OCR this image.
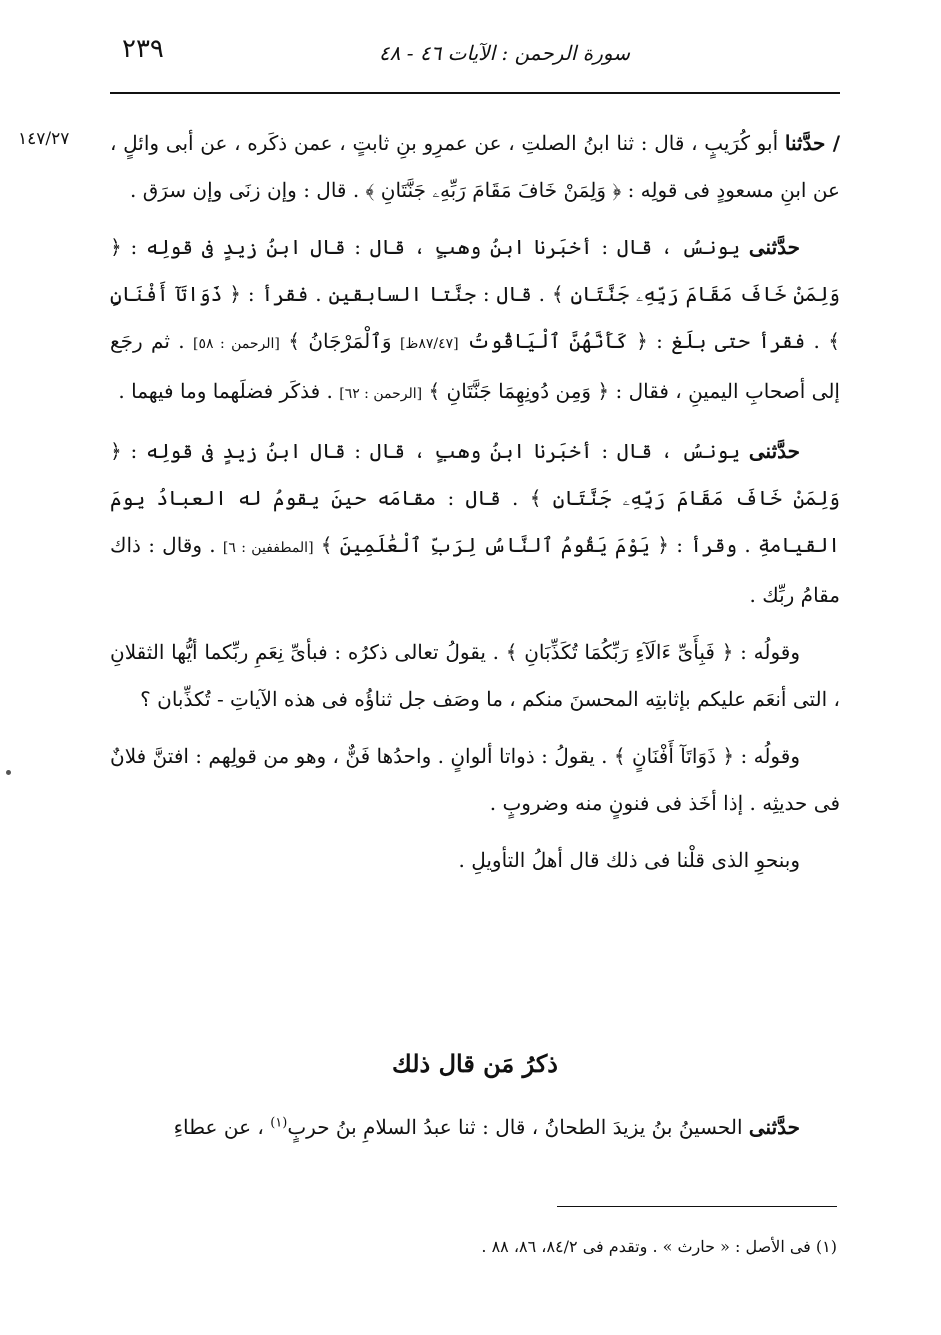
٢٣٩	سورة الرحمن : الآيات ٤٦ - ٤٨
١٤٧/٢٧	/ حدَّثنا أبو كُرَيبٍ ، قال : ثنا ابنُ الصلتِ ، عن عمرِو بنِ ثابتٍ ، عمن ذكَره ، عن أبى وائلٍ ، عن ابنِ مسعودٍ فى قولِه : ﴿ وَلِمَنْ خَافَ مَقَامَ رَبِّهِۦ جَنَّتَانِ ﴾ . قال : وإن زنَى وإن سرَق .

حدَّثنى يونسُ ، قال : أخبَرنا ابنُ وهبٍ ، قال : قال ابنُ زيدٍ فى قولِه : ﴿ وَلِمَنْ خَافَ مَقَامَ رَبِّهِۦ جَنَّتَانِ ﴾ . قال : جنَّتا السابقين . فقرأ : ﴿ ذَوَاتَآ أَفْنَانٍ ﴾ . فقرأ حتى بلَغ : ﴿ كَأَنَّهُنَّ ٱلْيَاقُوتُ [٨٧/٤٧ظ] وَٱلْمَرْجَانُ ﴾ [الرحمن : ٥٨] . ثم رجَع إلى أصحابِ اليمينِ ، فقال : ﴿ وَمِن دُونِهِمَا جَنَّتَانِ ﴾ [الرحمن : ٦٢] . فذكَر فضلَهما وما فيهما .

حدَّثنى يونسُ ، قال : أخبَرنا ابنُ وهبٍ ، قال : قال ابنُ زيدٍ فى قولِه : ﴿ وَلِمَنْ خَافَ مَقَامَ رَبِّهِۦ جَنَّتَانِ ﴾ . قال : مقامَه حينَ يقومُ له العبادُ يومَ القيامةِ . وقرأ : ﴿ يَوْمَ يَقُومُ ٱلنَّاسُ لِرَبِّ ٱلْعَٰلَمِينَ ﴾ [المطففين : ٦] . وقال : ذاك مقامُ ربِّك .

وقولُه : ﴿ فَبِأَىِّ ءَالَآءِ رَبِّكُمَا تُكَذِّبَانِ ﴾ . يقولُ تعالى ذكرُه : فبأىِّ نِعَمِ ربِّكما أيُّها الثقلانِ ، التى أنعَم عليكم بإثابتِه المحسنَ منكم ، ما وصَف جل ثناؤُه فى هذه الآياتِ - تُكذِّبان ؟

وقولُه : ﴿ ذَوَاتَآ أَفْنَانٍ ﴾ . يقولُ : ذواتا ألوانٍ . واحدُها فَنٌّ ، وهو من قولِهم : افتنَّ فلانٌ فى حديثِه . إذا أخَذ فى فنونٍ منه وضروبٍ .

وبنحوِ الذى قلْنا فى ذلك قال أهلُ التأويلِ .

ذكرُ مَن قال ذلك
حدَّثنى الحسينُ بنُ يزيدَ الطحانُ ، قال : ثنا عبدُ السلامِ بنُ حربٍ$^{(١)}$ ، عن عطاءِ
(١) فى الأصل : « حارث » . وتقدم فى ٨٤/٢، ٨٦، ٨٨ .
